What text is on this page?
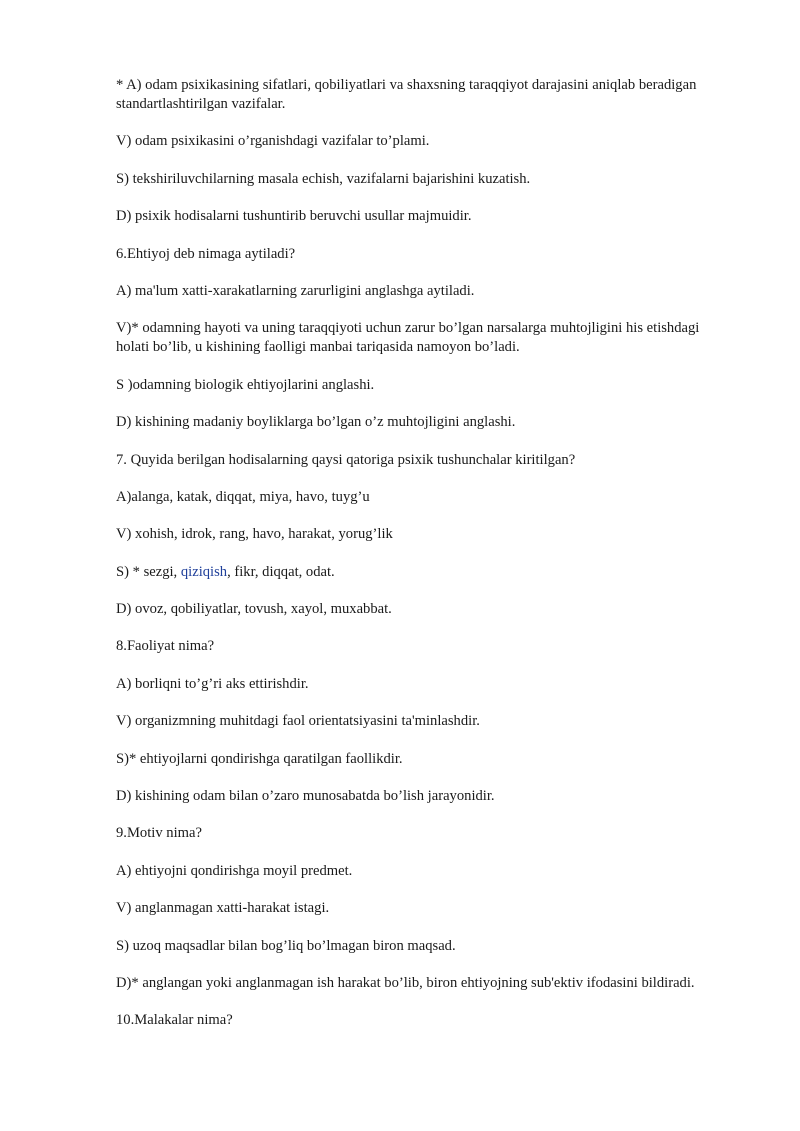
* A) odam psixikasining sifatlari, qobiliyatlari va shaxsning taraqqiyot darajasini aniqlab beradigan standartlashtirilgan vazifalar.

V) odam psixikasini o’rganishdagi vazifalar to’plami.

S) tekshiriluvchilarning masala echish, vazifalarni bajarishini kuzatish.

D) psixik hodisalarni tushuntirib beruvchi usullar majmuidir.

6.Ehtiyoj deb nimaga aytiladi?

A) ma'lum xatti-xarakatlarning zarurligini anglashga aytiladi.

V)* odamning hayoti va uning taraqqiyoti uchun zarur bo’lgan narsalarga muhtojligini his etishdagi holati bo’lib, u kishining faolligi manbai tariqasida namoyon bo’ladi.

S )odamning biologik ehtiyojlarini anglashi.

D) kishining madaniy boyliklarga bo’lgan o’z muhtojligini anglashi.

7. Quyida berilgan hodisalarning qaysi qatoriga psixik tushunchalar kiritilgan?

A)alanga, katak, diqqat, miya, havo, tuyg’u

V) xohish, idrok, rang, havo, harakat, yorug’lik

S) * sezgi, qiziqish, fikr, diqqat, odat.

D) ovoz, qobiliyatlar, tovush, xayol, muxabbat.

8.Faoliyat nima?

A) borliqni to’g’ri aks ettirishdir.

V) organizmning muhitdagi faol orientatsiyasini ta'minlashdir.

S)* ehtiyojlarni qondirishga qaratilgan faollikdir.

D) kishining odam bilan o’zaro munosabatda bo’lish jarayonidir.

9.Motiv nima?

A) ehtiyojni qondirishga moyil predmet.

V) anglanmagan xatti-harakat istagi.

S) uzoq maqsadlar bilan bog’liq bo’lmagan biron maqsad.

D)* anglangan yoki anglanmagan ish harakat bo’lib, biron ehtiyojning sub'ektiv ifodasini bildiradi.

10.Malakalar nima?
